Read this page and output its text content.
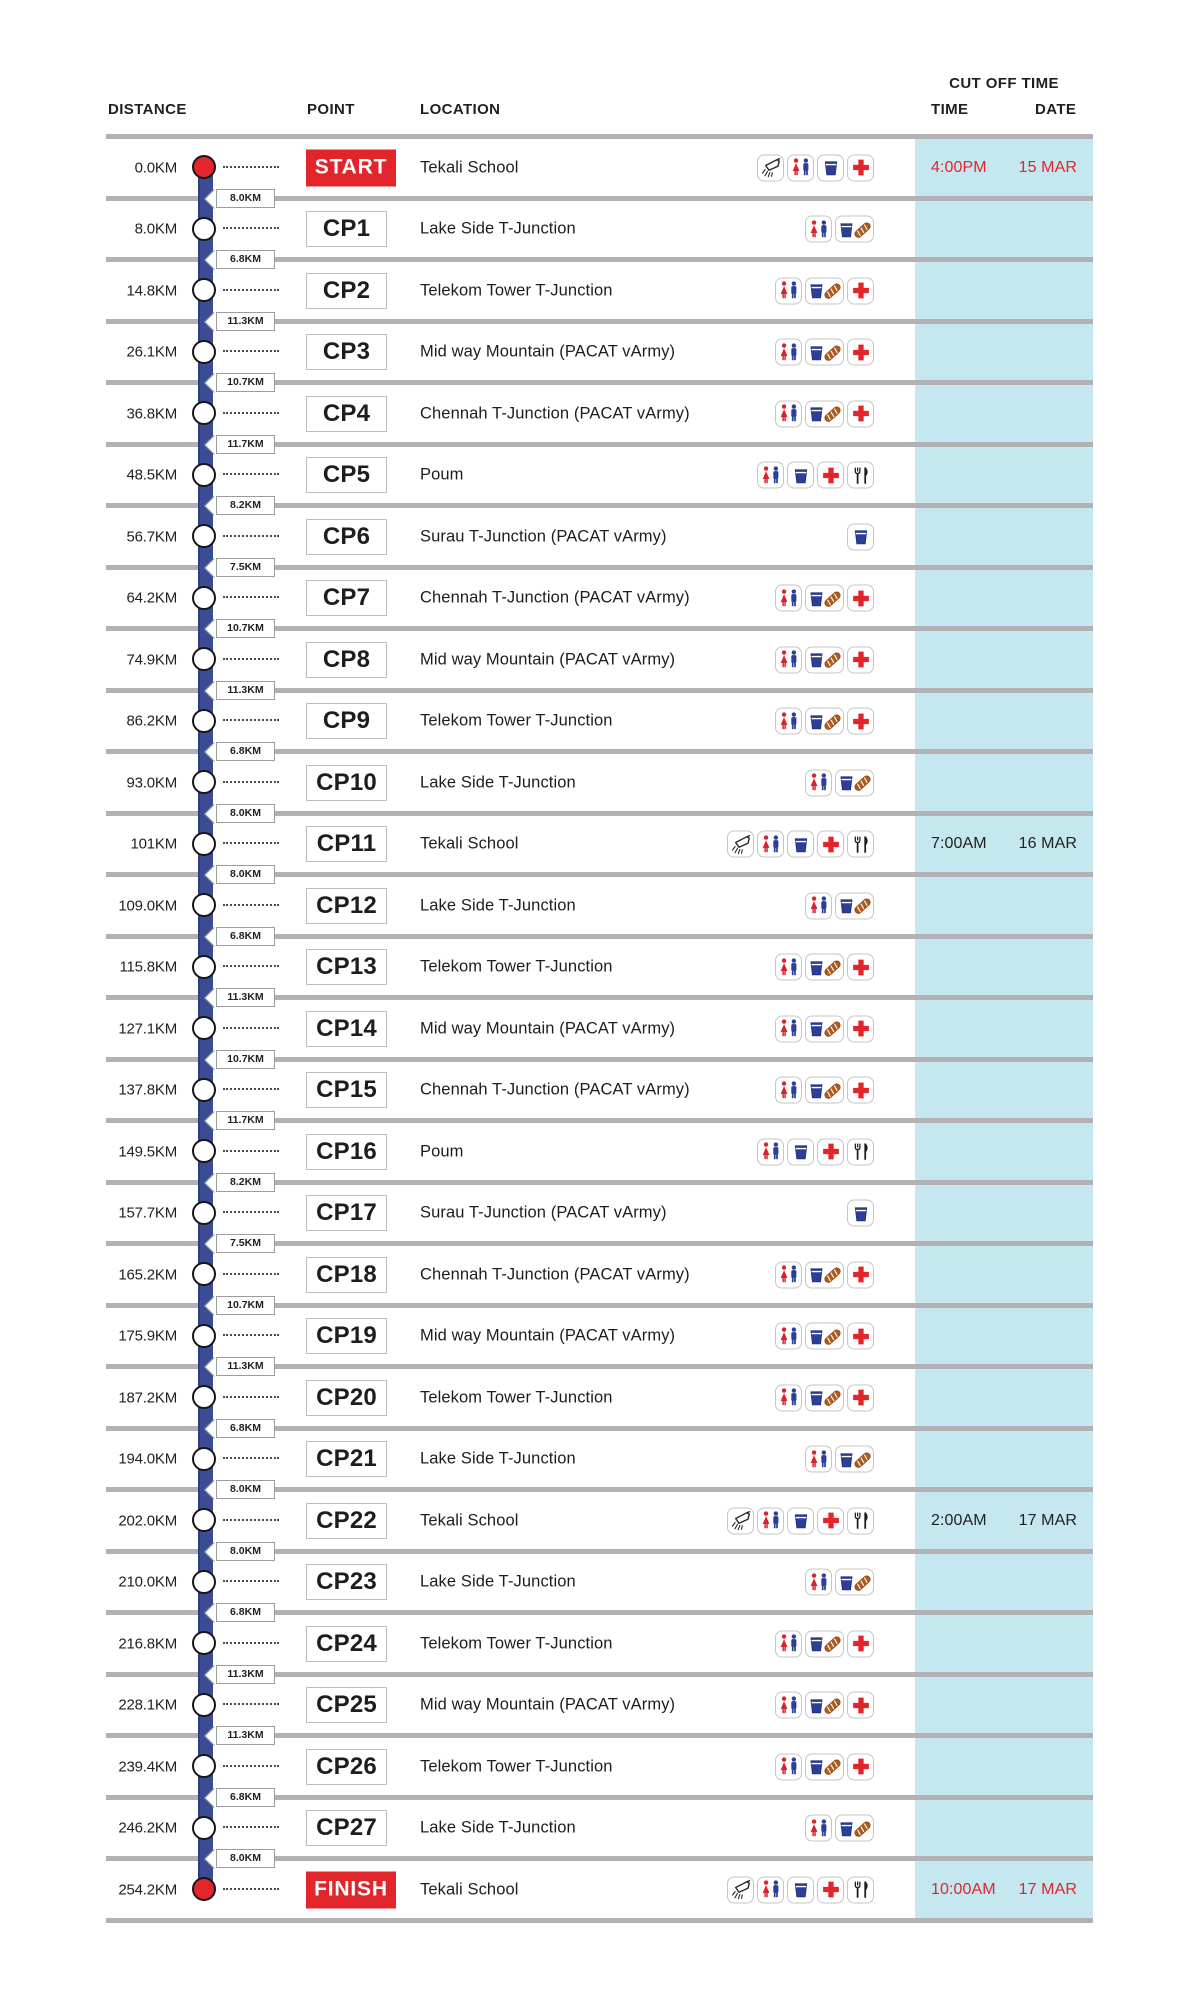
DISTANCE	POINT	LOCATION
CUT OFF TIME
TIME	DATE
8.0KM
6.8KM
11.3KM
10.7KM
11.7KM
8.2KM
7.5KM
10.7KM
11.3KM
6.8KM
8.0KM
8.0KM
6.8KM
11.3KM
10.7KM
11.7KM
8.2KM
7.5KM
10.7KM
11.3KM
6.8KM
8.0KM
8.0KM
6.8KM
11.3KM
11.3KM
6.8KM
8.0KM
0.0KM	START	Tekali School	4:00PM 15 MAR
8.0KM	CP1	Lake Side T-Junction
14.8KM	CP2	Telekom Tower T-Junction
26.1KM	CP3	Mid way Mountain (PACAT vArmy)
36.8KM	CP4	Chennah T-Junction (PACAT vArmy)
48.5KM	CP5	Poum
56.7KM	CP6	Surau T-Junction (PACAT vArmy)
64.2KM	CP7	Chennah T-Junction (PACAT vArmy)
74.9KM	CP8	Mid way Mountain (PACAT vArmy)
86.2KM	CP9	Telekom Tower T-Junction
93.0KM	CP10	Lake Side T-Junction
101KM	CP11	Tekali School	7:00AM 16 MAR
109.0KM	CP12	Lake Side T-Junction
115.8KM	CP13	Telekom Tower T-Junction
127.1KM	CP14	Mid way Mountain (PACAT vArmy)
137.8KM	CP15	Chennah T-Junction (PACAT vArmy)
149.5KM	CP16	Poum
157.7KM	CP17	Surau T-Junction (PACAT vArmy)
165.2KM	CP18	Chennah T-Junction (PACAT vArmy)
175.9KM	CP19	Mid way Mountain (PACAT vArmy)
187.2KM	CP20	Telekom Tower T-Junction
194.0KM	CP21	Lake Side T-Junction
202.0KM	CP22	Tekali School	2:00AM 17 MAR
210.0KM	CP23	Lake Side T-Junction
216.8KM	CP24	Telekom Tower T-Junction
228.1KM	CP25	Mid way Mountain (PACAT vArmy)
239.4KM	CP26	Telekom Tower T-Junction
246.2KM	CP27	Lake Side T-Junction
254.2KM	FINISH	Tekali School	10:00AM 17 MAR
